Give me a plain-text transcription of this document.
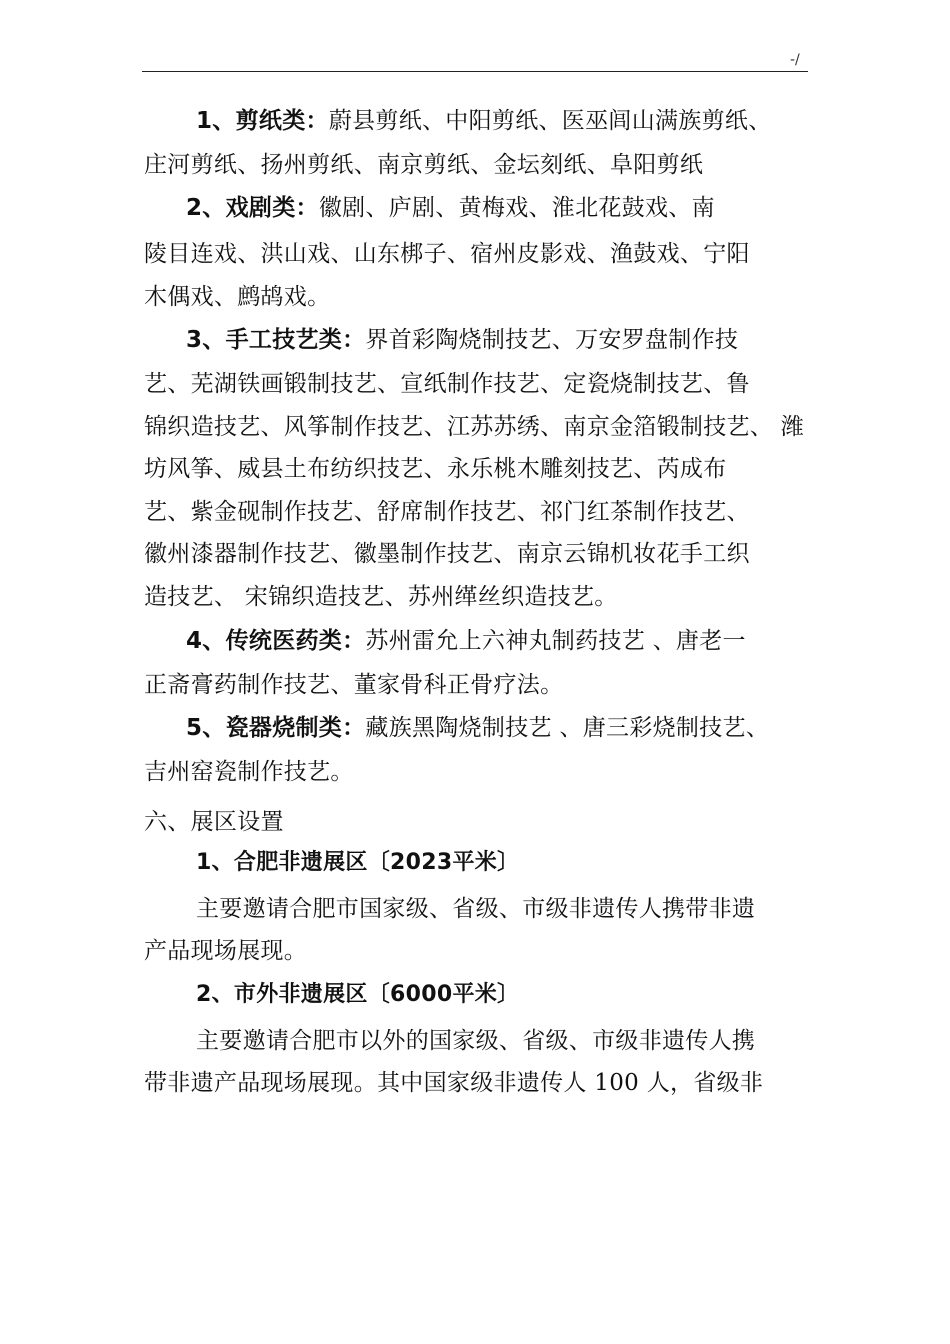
-/
1、剪纸类：蔚县剪纸、中阳剪纸、医巫闾山满族剪纸、
庄河剪纸、扬州剪纸、南京剪纸、金坛刻纸、阜阳剪纸
2、戏剧类：徽剧、庐剧、黄梅戏、淮北花鼓戏、南
陵目连戏、洪山戏、山东梆子、宿州皮影戏、渔鼓戏、宁阳
木偶戏、鹧鸪戏。
3、手工技艺类：界首彩陶烧制技艺、万安罗盘制作技
艺、芜湖铁画锻制技艺、宣纸制作技艺、定瓷烧制技艺、鲁
锦织造技艺、风筝制作技艺、江苏苏绣、南京金箔锻制技艺、 潍
坊风筝、威县土布纺织技艺、永乐桃木雕刻技艺、芮成布
艺、紫金砚制作技艺、舒席制作技艺、祁门红茶制作技艺、
徽州漆器制作技艺、徽墨制作技艺、南京云锦机妆花手工织
造技艺、 宋锦织造技艺、苏州缂丝织造技艺。
4、传统医药类：苏州雷允上六神丸制药技艺 、唐老一
正斋膏药制作技艺、董家骨科正骨疗法。
5、瓷器烧制类：藏族黑陶烧制技艺 、唐三彩烧制技艺、
吉州窑瓷制作技艺。
六、展区设置
1、合肥非遗展区〔2023平米〕
主要邀请合肥市国家级、省级、市级非遗传人携带非遗
产品现场展现。
2、市外非遗展区〔6000平米〕
主要邀请合肥市以外的国家级、省级、市级非遗传人携
带非遗产品现场展现。其中国家级非遗传人 100 人，省级非
